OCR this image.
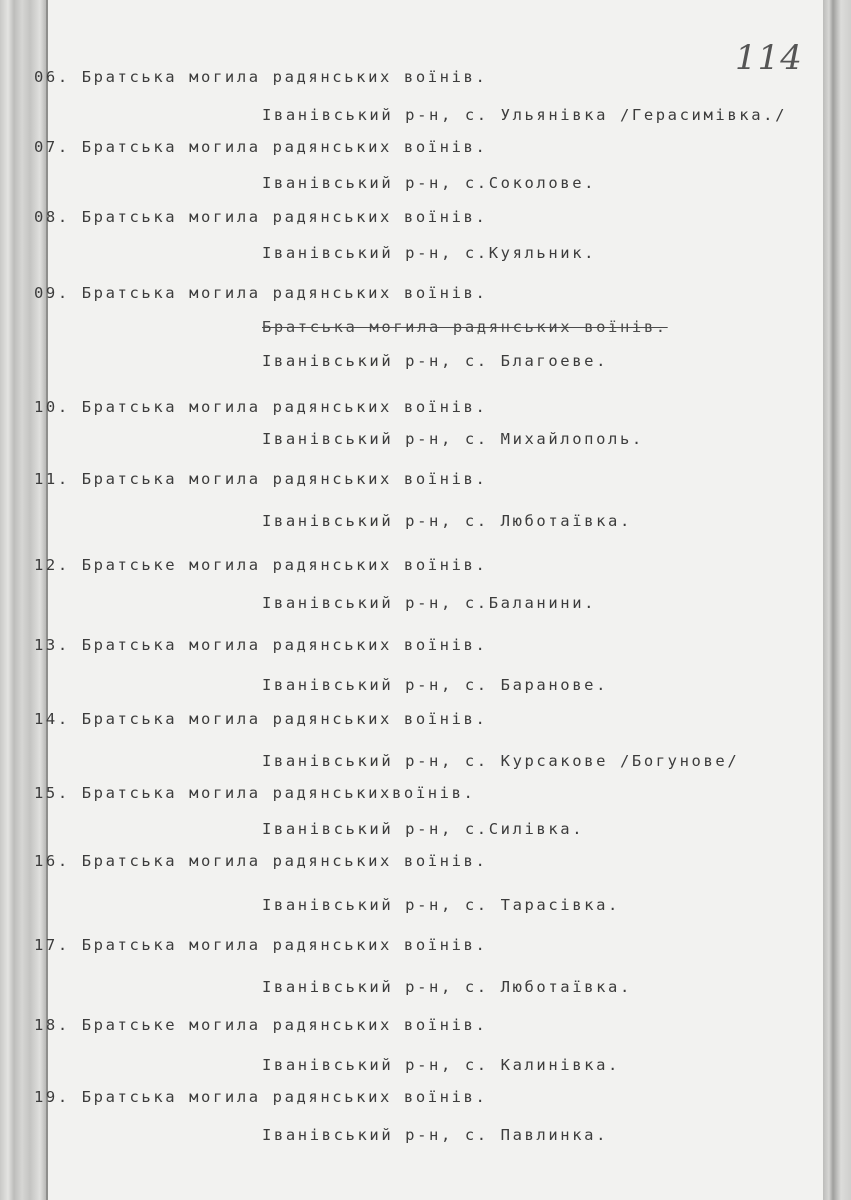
114
06. Братська могила радянських воїнів.
Іванівський р-н, с. Ульянівка /Герасимівка./
07. Братська могила радянських воїнів.
Іванівський р-н, с.Соколове.
08. Братська могила радянських воїнів.
Іванівський р-н, с.Куяльник.
09. Братська могила радянських воїнів.
Братська могила радянських воїнів.
Іванівський р-н, с. Благоеве.
10. Братська могила радянських воїнів.
Іванівський р-н, с. Михайлополь.
11. Братська могила радянських воїнів.
Іванівський р-н, с. Люботаївка.
12. Братське могила радянських воїнів.
Іванівський р-н, с.Баланини.
13. Братська могила радянських воїнів.
Іванівський р-н, с. Баранове.
14. Братська могила радянських воїнів.
Іванівський р-н, с. Курсакове /Богунове/
15. Братська могила радянськихвоїнів.
Іванівський р-н, с.Силівка.
16. Братська могила радянських воїнів.
Іванівський р-н, с. Тарасівка.
17. Братська могила радянських воїнів.
Іванівський р-н, с. Люботаївка.
18. Братське могила радянських воїнів.
Іванівський р-н, с. Калинівка.
19. Братська могила радянських воїнів.
Іванівський р-н, с. Павлинка.
